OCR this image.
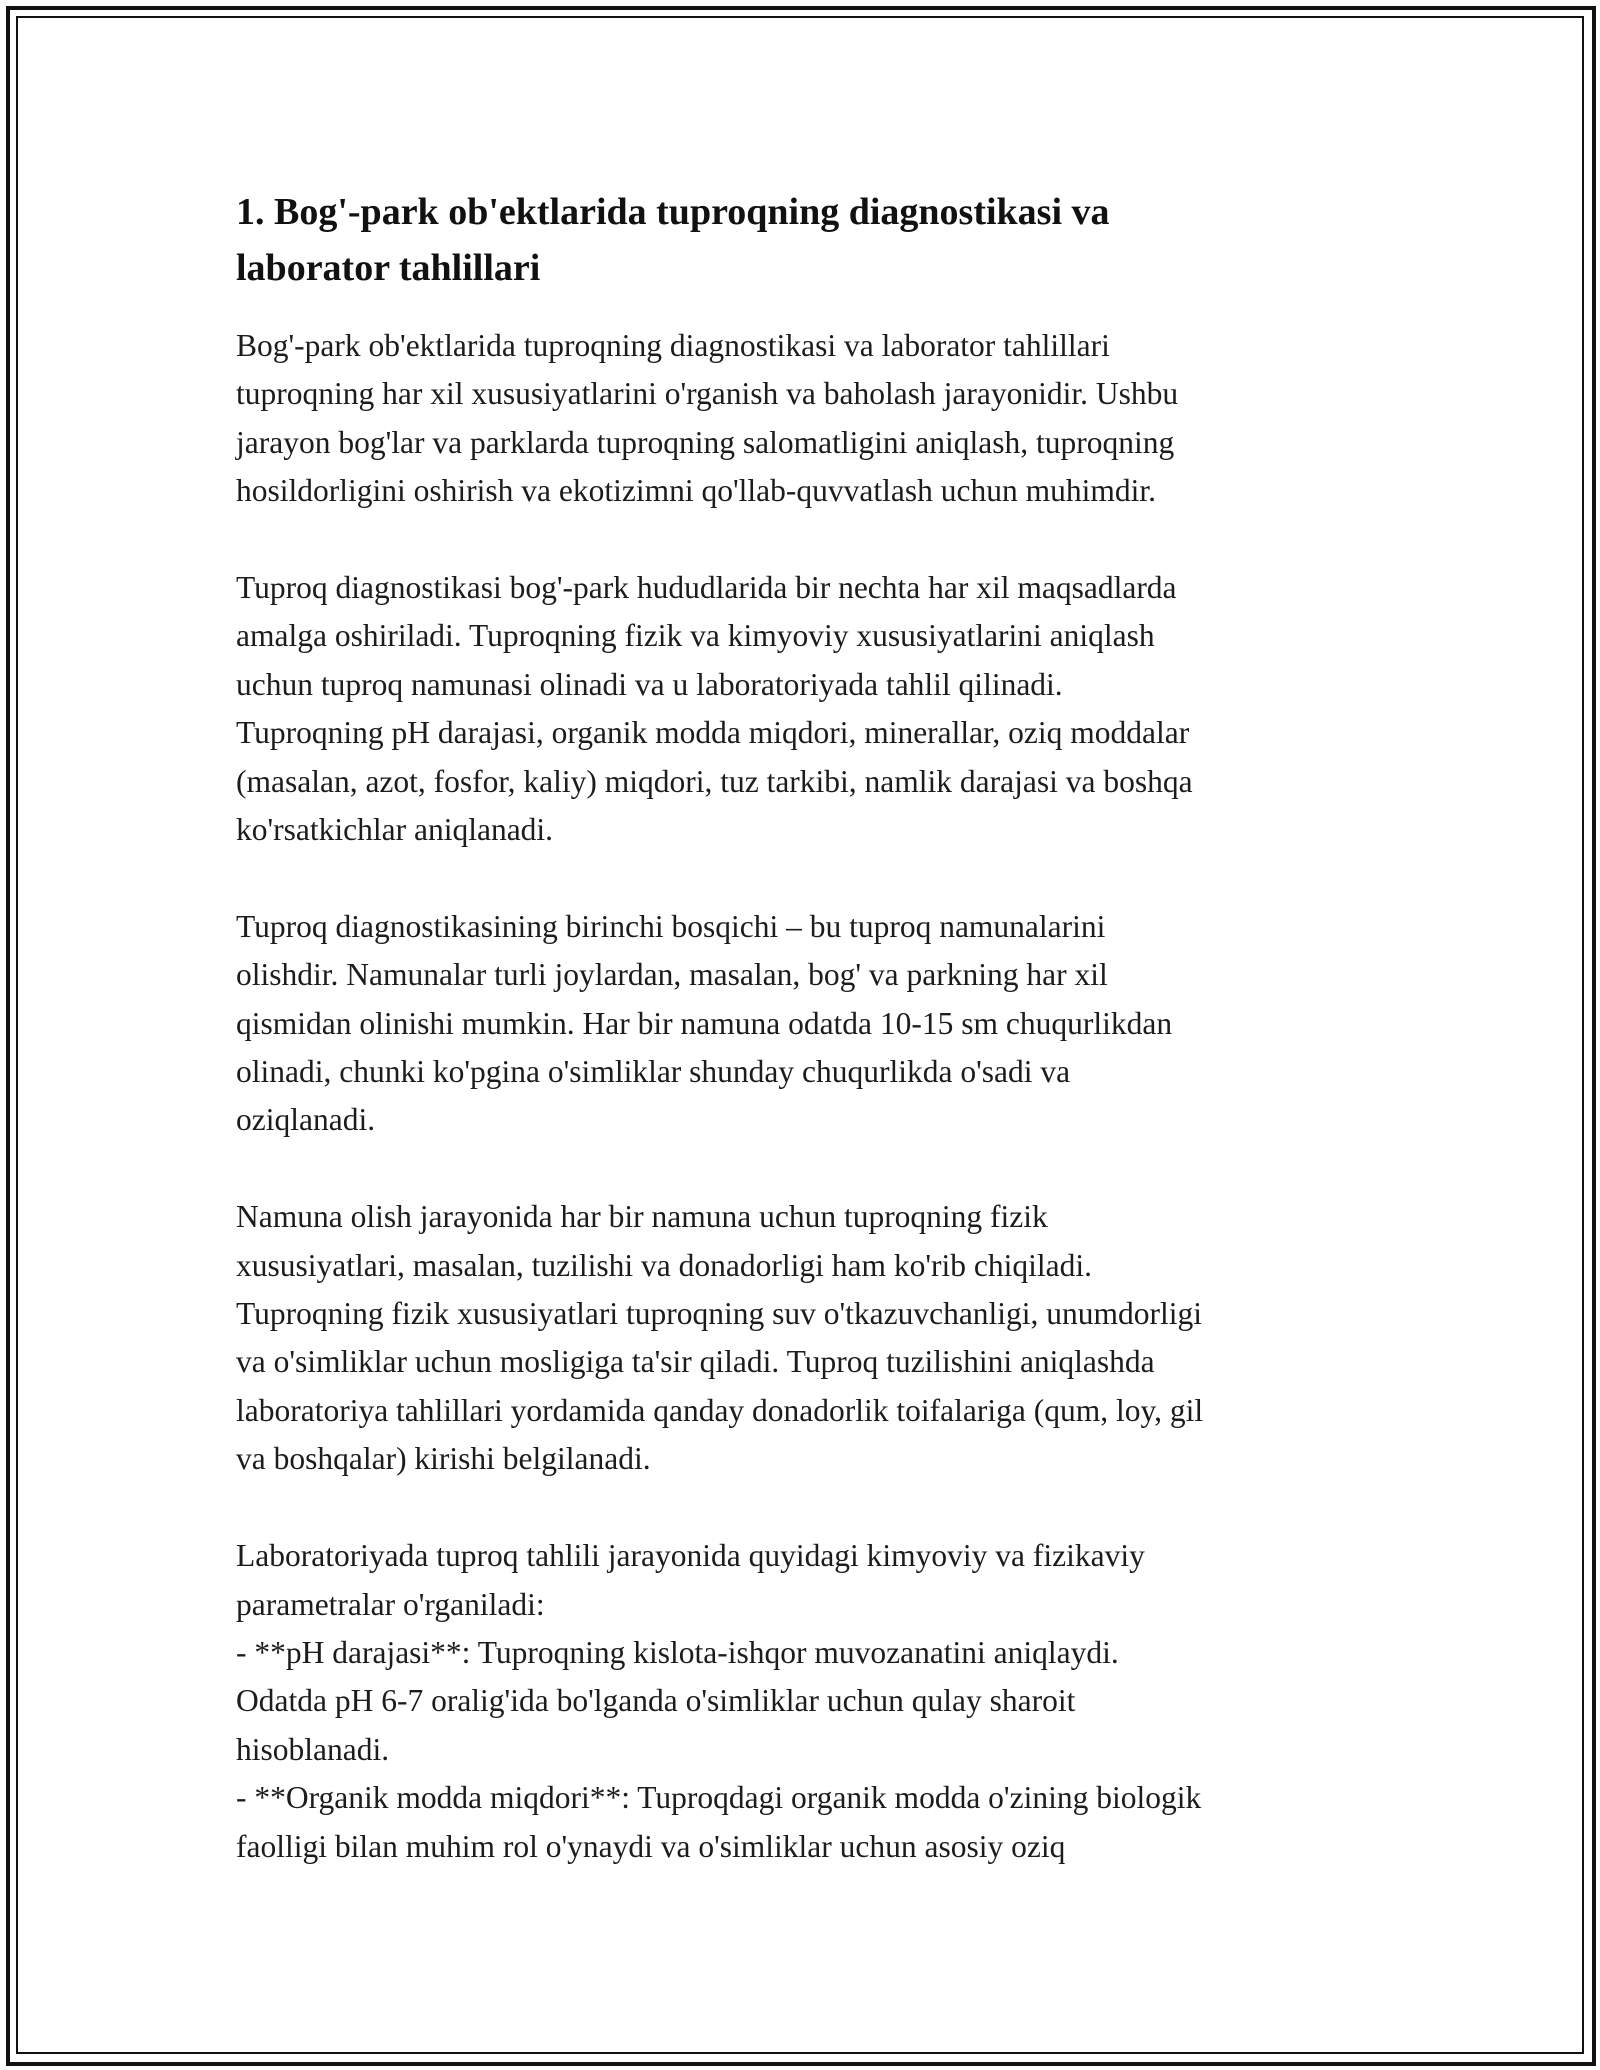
1. Bog'-park ob'ektlarida tuproqning diagnostikasi va
laborator tahlillari

Bog'-park ob'ektlarida tuproqning diagnostikasi va laborator tahlillari
tuproqning har xil xususiyatlarini o'rganish va baholash jarayonidir. Ushbu
jarayon bog'lar va parklarda tuproqning salomatligini aniqlash, tuproqning
hosildorligini oshirish va ekotizimni qo'llab-quvvatlash uchun muhimdir.

Tuproq diagnostikasi bog'-park hududlarida bir nechta har xil maqsadlarda
amalga oshiriladi. Tuproqning fizik va kimyoviy xususiyatlarini aniqlash
uchun tuproq namunasi olinadi va u laboratoriyada tahlil qilinadi.
Tuproqning pH darajasi, organik modda miqdori, minerallar, oziq moddalar
(masalan, azot, fosfor, kaliy) miqdori, tuz tarkibi, namlik darajasi va boshqa
ko'rsatkichlar aniqlanadi.

Tuproq diagnostikasining birinchi bosqichi – bu tuproq namunalarini
olishdir. Namunalar turli joylardan, masalan, bog' va parkning har xil
qismidan olinishi mumkin. Har bir namuna odatda 10-15 sm chuqurlikdan
olinadi, chunki ko'pgina o'simliklar shunday chuqurlikda o'sadi va
oziqlanadi.

Namuna olish jarayonida har bir namuna uchun tuproqning fizik
xususiyatlari, masalan, tuzilishi va donadorligi ham ko'rib chiqiladi.
Tuproqning fizik xususiyatlari tuproqning suv o'tkazuvchanligi, unumdorligi
va o'simliklar uchun mosligiga ta'sir qiladi. Tuproq tuzilishini aniqlashda
laboratoriya tahlillari yordamida qanday donadorlik toifalariga (qum, loy, gil
va boshqalar) kirishi belgilanadi.

Laboratoriyada tuproq tahlili jarayonida quyidagi kimyoviy va fizikaviy
parametralar o'rganiladi:
- **pH darajasi**: Tuproqning kislota-ishqor muvozanatini aniqlaydi.
Odatda pH 6-7 oralig'ida bo'lganda o'simliklar uchun qulay sharoit
hisoblanadi.
- **Organik modda miqdori**: Tuproqdagi organik modda o'zining biologik
faolligi bilan muhim rol o'ynaydi va o'simliklar uchun asosiy oziq
